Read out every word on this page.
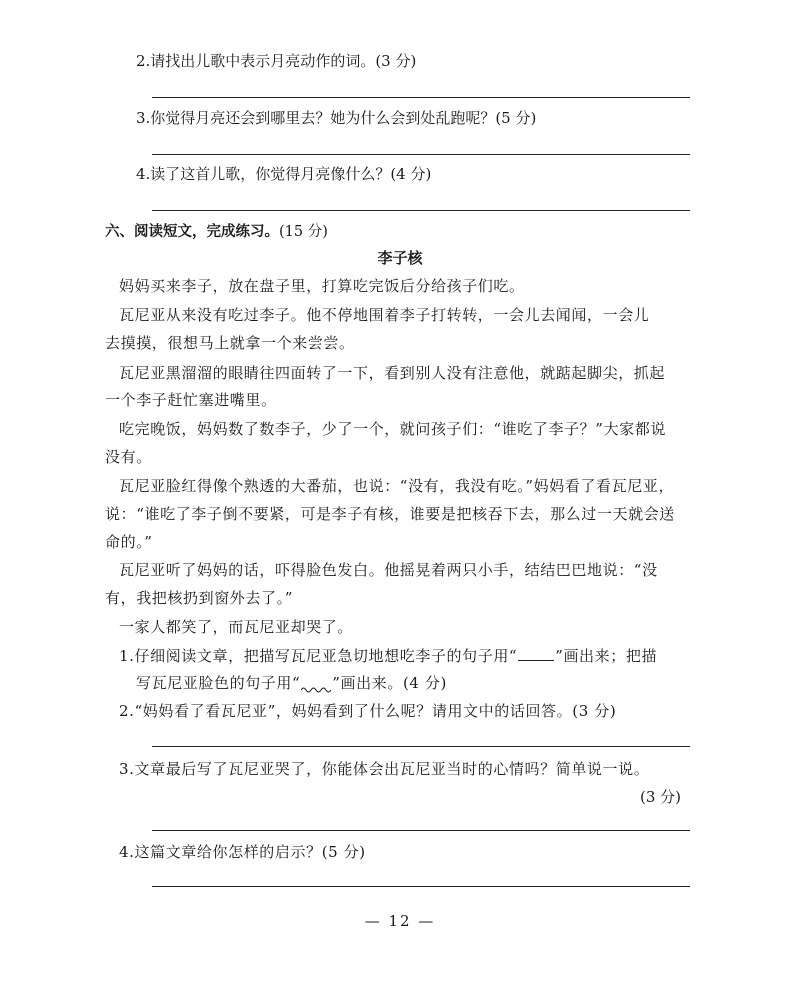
2.请找出儿歌中表示月亮动作的词。(3 分)
3.你觉得月亮还会到哪里去？她为什么会到处乱跑呢？(5 分)
4.读了这首儿歌，你觉得月亮像什么？(4 分)
六、阅读短文，完成练习。(15 分)
李子核
妈妈买来李子，放在盘子里，打算吃完饭后分给孩子们吃。
瓦尼亚从来没有吃过李子。他不停地围着李子打转转，一会儿去闻闻，一会儿
去摸摸，很想马上就拿一个来尝尝。
瓦尼亚黑溜溜的眼睛往四面转了一下，看到别人没有注意他，就踮起脚尖，抓起
一个李子赶忙塞进嘴里。
吃完晚饭，妈妈数了数李子，少了一个，就问孩子们：“谁吃了李子？”大家都说
没有。
瓦尼亚脸红得像个熟透的大番茄，也说：“没有，我没有吃。”妈妈看了看瓦尼亚，
说：“谁吃了李子倒不要紧，可是李子有核，谁要是把核吞下去，那么过一天就会送
命的。”
瓦尼亚听了妈妈的话，吓得脸色发白。他摇晃着两只小手，结结巴巴地说：“没
有，我把核扔到窗外去了。”
一家人都笑了，而瓦尼亚却哭了。
1.仔细阅读文章，把描写瓦尼亚急切地想吃李子的句子用“	”画出来；把描
写瓦尼亚脸色的句子用“ ”画出来。(4 分)
2.“妈妈看了看瓦尼亚”，妈妈看到了什么呢？请用文中的话回答。(3 分)
3.文章最后写了瓦尼亚哭了，你能体会出瓦尼亚当时的心情吗？简单说一说。
(3 分)
4.这篇文章给你怎样的启示？(5 分)
— 12 —
